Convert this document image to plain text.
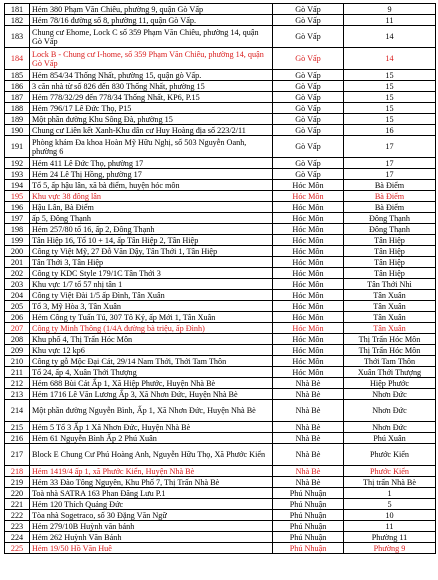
181	Hẻm 380 Phạm Văn Chiêu, phường 9, quận Gò Vấp	Gò Vấp	9
182	Hẻm 78/16 đường số 8, phường 11, quận Gò Vấp.	Gò Vấp	11
183	Chung cư Ehome, Lock C số 359 Phạm Văn Chiêu, phường 14, quận Gò Vấp	Gò Vấp	14
184	Lock B - Chung cư I-home, số 359 Phạm Văn Chiêu, phường 14, quận Gò Vấp	Gò Vấp	14
185	Hẻm 854/34 Thống Nhất, phường 15, quận gò Vấp.	Gò Vấp	15
186	3 căn nhà từ số 826 đến 830 Thống Nhất, phường 15	Gò Vấp	15
187	Hẻm 778/32/29 đến 778/34 Thống Nhất, KP6, P.15	Gò Vấp	15
188	Hẻm 796/17 Lê Đức Thọ, P15	Gò Vấp	15
189	Một phần đường Khu Sông Đà, phường 15	Gò Vấp	15
190	Chung cư Liên kết Xanh-Khu dân cư Huy Hoàng địa số 223/2/11	Gò Vấp	16
191	Phòng khám Đa khoa Hoàn Mỹ Hữu Nghị, số 503 Nguyễn Oanh, phường 6	Gò Vấp	17
192	Hẻm 411 Lê Đức Thọ, phường 17	Gò Vấp	17
193	Hẻm 24 Lê Thị Hồng, phường 17	Gò Vấp	17
194	Tổ 5, ấp hậu lân, xã bà điểm, huyện hóc môn	Hóc Môn	Bà Điểm
195	Khu vực 38 đông lân	Hóc Môn	Bà Điểm
196	Hậu Lân, Bà Điểm	Hóc Môn	Bà Điểm
197	ấp 5, Đông Thạnh	Hóc Môn	Đông Thạnh
198	Hẻm 257/80 tổ 16, ấp 2, Đông Thạnh	Hóc Môn	Đông Thạnh
199	Tân Hiệp 16, Tổ 10 + 14, ấp Tân Hiệp 2, Tân Hiệp	Hóc Môn	Tân Hiệp
200	Công ty Việt Mỹ, 27 Đỗ Văn Dậy, Tân Thới 1, Tân Hiệp	Hóc Môn	Tân Hiệp
201	Tân Thới 3, Tân Hiệp	Hóc Môn	Tân Hiệp
202	Công ty KDC Style 179/1C Tân Thới 3	Hóc Môn	Tân Hiệp
203	Khu vực 1/7 tổ 57 nhị tân 1	Hóc Môn	Tân Thới Nhì
204	Công ty Việt Đài 1/5 ấp Đình, Tân Xuân	Hóc Môn	Tân Xuân
205	Tổ 3, Mỹ Hòa 3, Tân Xuân	Hóc Môn	Tân Xuân
206	Hẻm Công ty Tuấn Tú, 307 Tô Ký, ấp Mới 1, Tân Xuân	Hóc Môn	Tân Xuân
207	Công ty Minh Thông (1/4A đường bà triệu, ấp Đình)	Hóc Môn	Tân Xuân
208	Khu phố 4, Thị Trấn Hóc Môn	Hóc Môn	Thị Trấn Hóc Môn
209	Khu vực 12 kp6	Hóc Môn	Thị Trấn Hóc Môn
210	Công ty gỗ Mộc Đại Cát, 29/14 Nam Thới, Thới Tam Thôn	Hóc Môn	Thới Tam Thôn
211	Tổ 24, ấp 4, Xuân Thới Thượng	Hóc Môn	Xuân Thới Thượng
212	Hẻm 688 Bùi Cát Ấp 1, Xã Hiệp Phước, Huyện Nhà Bè	Nhà Bè	Hiệp Phước
213	Hẻm 1716 Lê Văn Lương Ấp 3, Xã Nhơn Đức, Huyện Nhà Bè	Nhà Bè	Nhơn Đức
214	Một phần đường Nguyễn Bình, Ấp 1, Xã Nhơn Đức, Huyện Nhà Bè	Nhà Bè	Nhơn Đức
215	Hẻm 5 Tổ 3 Ấp 1 Xã Nhơn Đức, Huyện Nhà Bè	Nhà Bè	Nhơn Đức
216	Hẻm 61 Nguyễn Bình Ấp 2 Phú Xuân	Nhà Bè	Phú Xuân
217	Block E Chung Cư Phú Hoàng Anh, Nguyễn Hữu Thọ, Xã Phước Kiển	Nhà Bè	Phước Kiển
218	Hẻm 1419/4 ấp 1, xã Phước Kiển, Huyện Nhà Bè	Nhà Bè	Phước Kiển
219	Hẻm 33 Đào Tông Nguyên, Khu Phố 7, Thị Trấn Nhà Bè	Nhà Bè	Thị trấn Nhà Bè
220	Toà nhà SATRA 163 Phan Đăng Lưu P.1	Phú Nhuận	1
221	Hẻm 120 Thích Quảng Đức	Phú Nhuận	5
222	Tòa nhà Sogetraco, số 30 Đặng Văn Ngữ	Phú Nhuận	10
223	Hẻm 279/10B Huỳnh văn bánh	Phú Nhuận	11
224	Hẻm 262 Huỳnh Văn Bánh	Phú Nhuận	Phường 11
225	Hẻm 19/50 Hồ Văn Huê	Phú Nhuận	Phường 9
